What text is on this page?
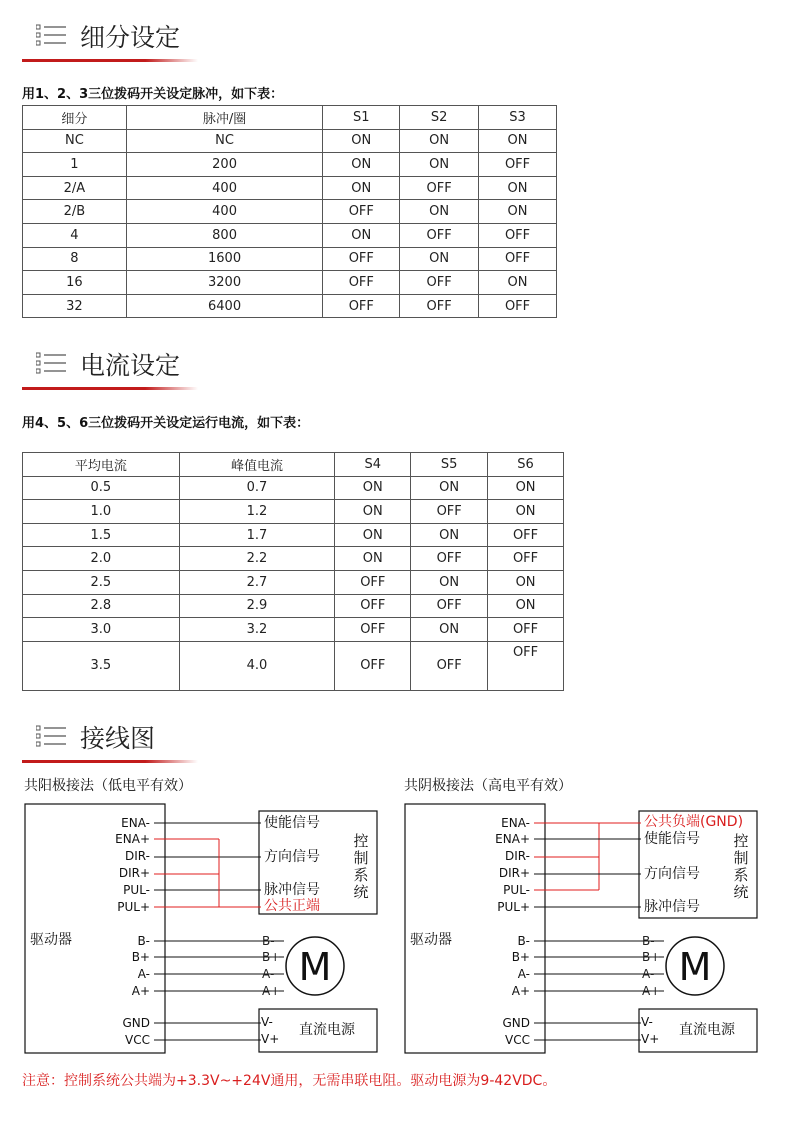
细分设定
用1、2、3三位拨码开关设定脉冲，如下表：
细分	脉冲/圈	S1	S2	S3
NC	NC	ON	ON	ON
1	200	ON	ON	OFF
2/A	400	ON	OFF	ON
2/B	400	OFF	ON	ON
4	800	ON	OFF	OFF
8	1600	OFF	ON	OFF
16	3200	OFF	OFF	ON
32	6400	OFF	OFF	OFF
电流设定
用4、5、6三位拨码开关设定运行电流，如下表：
平均电流	峰值电流	S4	S5	S6
0.5	0.7	ON	ON	ON
1.0	1.2	ON	OFF	ON
1.5	1.7	ON	ON	OFF
2.0	2.2	ON	OFF	OFF
2.5	2.7	OFF	ON	ON
2.8	2.9	OFF	OFF	ON
3.0	3.2	OFF	ON	OFF
3.5	4.0	OFF	OFF	OFF
接线图
共阳极接法（低电平有效）	共阴极接法（高电平有效）
ENA-
ENA+
DIR-
DIR+
PUL-
PUL+
B-
B+
A-
A+
GND
VCC
驱动器
使能信号
方向信号
脉冲信号
公共正端
控制系统
M
B-
B+
A-
A+
V-
V+
直流电源
ENA-
ENA+
DIR-
DIR+
PUL-
PUL+
B-
B+
A-
A+
GND
VCC
驱动器
公共负端(GND)
使能信号
方向信号
脉冲信号
控制系统
M
B-
B+
A-
A+
V-
V+
直流电源
注意：控制系统公共端为+3.3V~+24V通用，无需串联电阻。驱动电源为9-42VDC。
